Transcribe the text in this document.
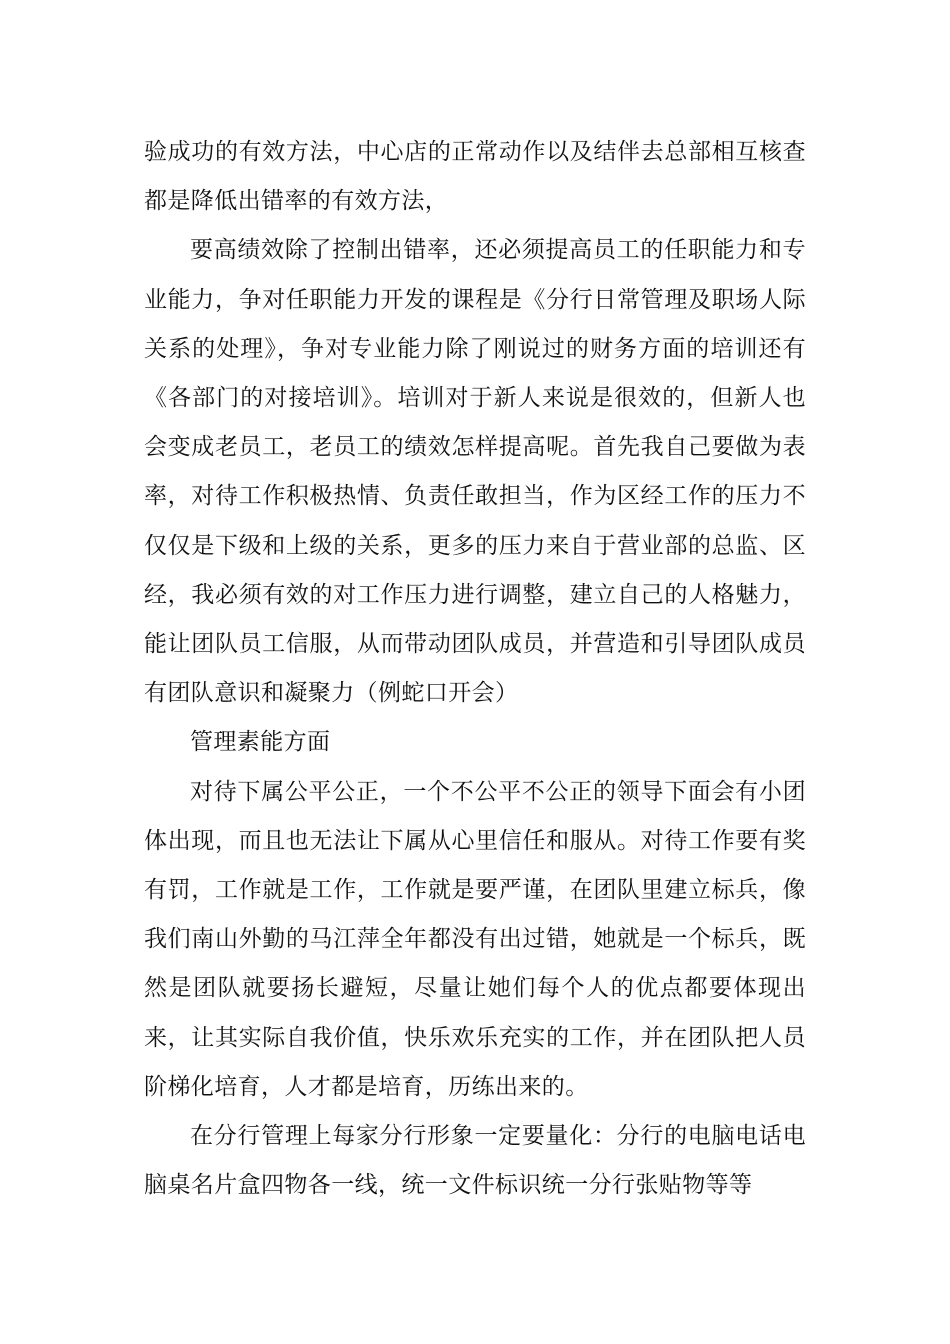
验成功的有效方法，中心店的正常动作以及结伴去总部相互核查都是降低出错率的有效方法，

要高绩效除了控制出错率，还必须提高员工的任职能力和专业能力，争对任职能力开发的课程是《分行日常管理及职场人际关系的处理》，争对专业能力除了刚说过的财务方面的培训还有《各部门的对接培训》。培训对于新人来说是很效的，但新人也会变成老员工，老员工的绩效怎样提高呢。首先我自己要做为表率，对待工作积极热情、负责任敢担当，作为区经工作的压力不仅仅是下级和上级的关系，更多的压力来自于营业部的总监、区经，我必须有效的对工作压力进行调整，建立自己的人格魅力，能让团队员工信服，从而带动团队成员，并营造和引导团队成员有团队意识和凝聚力（例蛇口开会）

管理素能方面

对待下属公平公正，一个不公平不公正的领导下面会有小团体出现，而且也无法让下属从心里信任和服从。对待工作要有奖有罚，工作就是工作，工作就是要严谨，在团队里建立标兵，像我们南山外勤的马江萍全年都没有出过错，她就是一个标兵，既然是团队就要扬长避短，尽量让她们每个人的优点都要体现出来，让其实际自我价值，快乐欢乐充实的工作，并在团队把人员阶梯化培育，人才都是培育，历练出来的。

在分行管理上每家分行形象一定要量化：分行的电脑电话电脑桌名片盒四物各一线，统一文件标识统一分行张贴物等等
